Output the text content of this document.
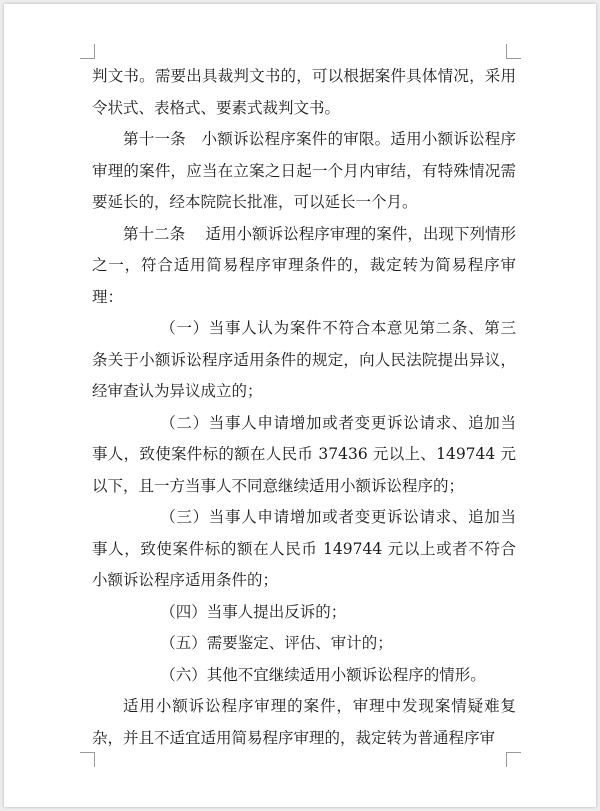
判文书。需要出具裁判文书的，可以根据案件具体情况，采用令状式、表格式、要素式裁判文书。

第十一条　小额诉讼程序案件的审限。适用小额诉讼程序审理的案件，应当在立案之日起一个月内审结，有特殊情况需要延长的，经本院院长批准，可以延长一个月。

第十二条　 适用小额诉讼程序审理的案件，出现下列情形之一，符合适用简易程序审理条件的，裁定转为简易程序审理：

（一）当事人认为案件不符合本意见第二条、第三条关于小额诉讼程序适用条件的规定，向人民法院提出异议，经审查认为异议成立的；

（二）当事人申请增加或者变更诉讼请求、追加当事人，致使案件标的额在人民币 37436 元以上、149744 元以下，且一方当事人不同意继续适用小额诉讼程序的；

（三）当事人申请增加或者变更诉讼请求、追加当事人，致使案件标的额在人民币 149744 元以上或者不符合小额诉讼程序适用条件的；

（四）当事人提出反诉的；

（五）需要鉴定、评估、审计的；

（六）其他不宜继续适用小额诉讼程序的情形。

适用小额诉讼程序审理的案件，审理中发现案情疑难复杂，并且不适宜适用简易程序审理的，裁定转为普通程序审
